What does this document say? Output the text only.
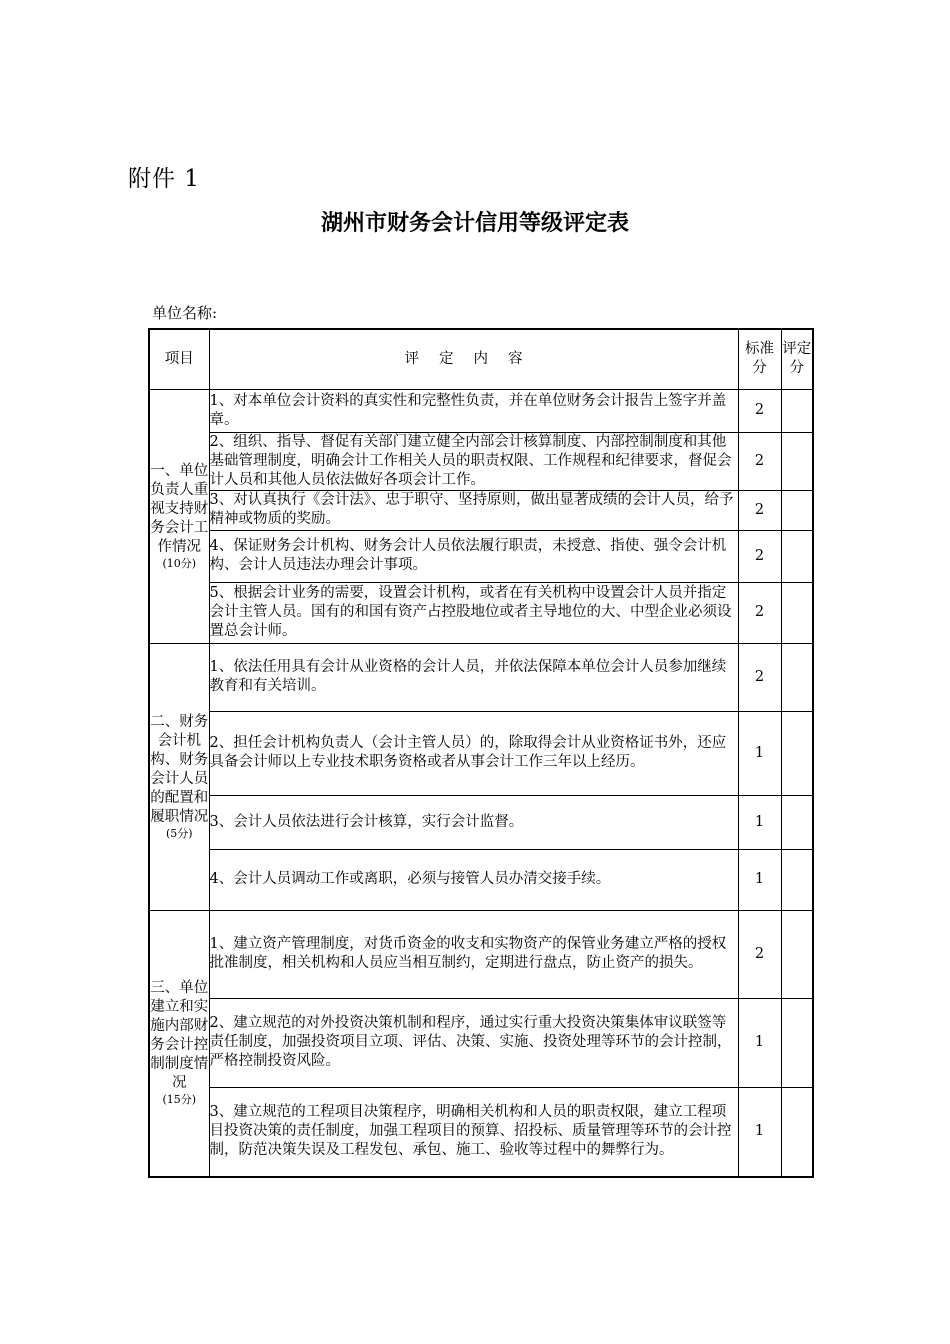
附件 1
湖州市财务会计信用等级评定表
单位名称:
项目	评定内容	标准分	评定分

一、单位负责人重视支持财务会计工作情况
(10分)	1、对本单位会计资料的真实性和完整性负责，并在单位财务会计报告上签字并盖章。	2	
	2、组织、指导、督促有关部门建立健全内部会计核算制度、内部控制制度和其他基础管理制度，明确会计工作相关人员的职责权限、工作规程和纪律要求，督促会计人员和其他人员依法做好各项会计工作。	2	
	3、对认真执行《会计法》、忠于职守、坚持原则，做出显著成绩的会计人员，给予精神或物质的奖励。	2	
	4、保证财务会计机构、财务会计人员依法履行职责，未授意、指使、强令会计机构、会计人员违法办理会计事项。	2	
	5、根据会计业务的需要，设置会计机构，或者在有关机构中设置会计人员并指定会计主管人员。国有的和国有资产占控股地位或者主导地位的大、中型企业必须设置总会计师。	2	

二、财务会计机构、财务会计人员的配置和履职情况
(5分)	1、依法任用具有会计从业资格的会计人员，并依法保障本单位会计人员参加继续教育和有关培训。	2	
	2、担任会计机构负责人（会计主管人员）的，除取得会计从业资格证书外，还应具备会计师以上专业技术职务资格或者从事会计工作三年以上经历。	1	
	3、会计人员依法进行会计核算，实行会计监督。	1	
	4、会计人员调动工作或离职，必须与接管人员办清交接手续。	1	

三、单位建立和实施内部财务会计控制制度情况
(15分)	1、建立资产管理制度，对货币资金的收支和实物资产的保管业务建立严格的授权批准制度，相关机构和人员应当相互制约，定期进行盘点，防止资产的损失。	2	
	2、建立规范的对外投资决策机制和程序，通过实行重大投资决策集体审议联签等责任制度，加强投资项目立项、评估、决策、实施、投资处理等环节的会计控制，严格控制投资风险。	1	
	3、建立规范的工程项目决策程序，明确相关机构和人员的职责权限，建立工程项目投资决策的责任制度，加强工程项目的预算、招投标、质量管理等环节的会计控制，防范决策失误及工程发包、承包、施工、验收等过程中的舞弊行为。	1	
